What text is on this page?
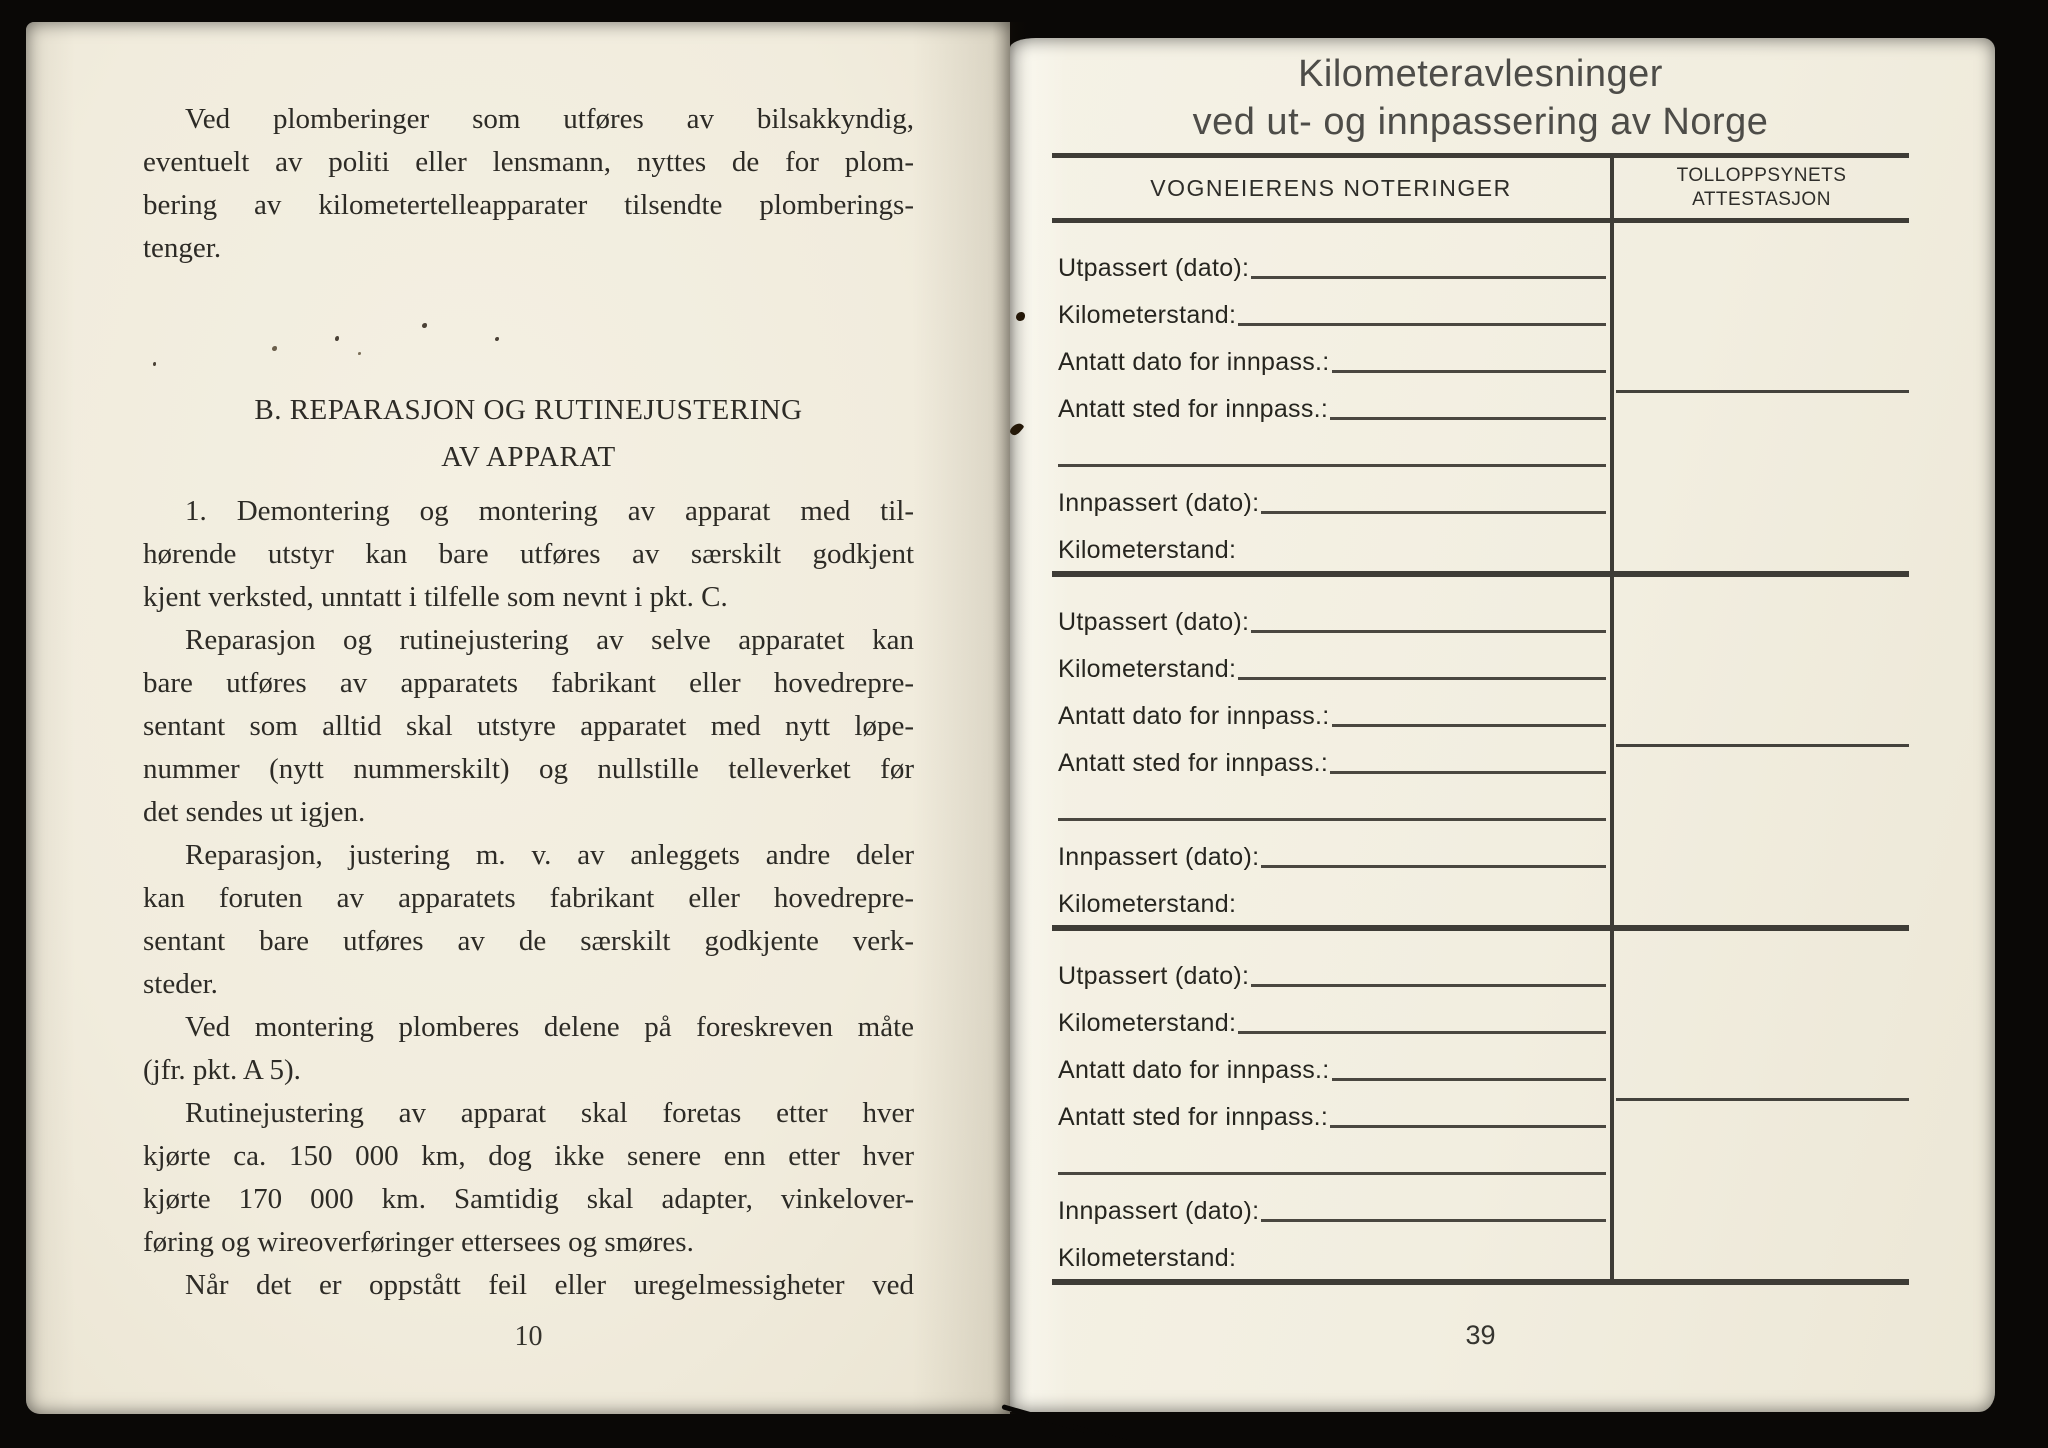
Ved plomberinger som utføres av bilsakkyndig,
eventuelt av politi eller lensmann, nyttes de for plom-
bering av kilometertelleapparater tilsendte plomberings-
tenger.
B. REPARASJON OG RUTINEJUSTERING
AV APPARAT
1. Demontering og montering av apparat med til-
hørende utstyr kan bare utføres av særskilt godkjent
kjent verksted, unntatt i tilfelle som nevnt i pkt. C.
Reparasjon og rutinejustering av selve apparatet kan
bare utføres av apparatets fabrikant eller hovedrepre-
sentant som alltid skal utstyre apparatet med nytt løpe-
nummer (nytt nummerskilt) og nullstille telleverket før
det sendes ut igjen.
Reparasjon, justering m. v. av anleggets andre deler
kan foruten av apparatets fabrikant eller hovedrepre-
sentant bare utføres av de særskilt godkjente verk-
steder.
Ved montering plomberes delene på foreskreven måte
(jfr. pkt. A 5).
Rutinejustering av apparat skal foretas etter hver
kjørte ca. 150 000 km, dog ikke senere enn etter hver
kjørte 170 000 km. Samtidig skal adapter, vinkelover-
føring og wireoverføringer ettersees og smøres.
Når det er oppstått feil eller uregelmessigheter ved
10
Kilometeravlesninger
ved ut- og innpassering av Norge
VOGNEIERENS NOTERINGER	TOLLOPPSYNETS
ATTESTASJON
Utpassert (dato):
Kilometerstand:
Antatt dato for innpass.:
Antatt sted for innpass.:
Innpassert (dato):
Kilometerstand:
Utpassert (dato):
Kilometerstand:
Antatt dato for innpass.:
Antatt sted for innpass.:
Innpassert (dato):
Kilometerstand:
Utpassert (dato):
Kilometerstand:
Antatt dato for innpass.:
Antatt sted for innpass.:
Innpassert (dato):
Kilometerstand:
39
